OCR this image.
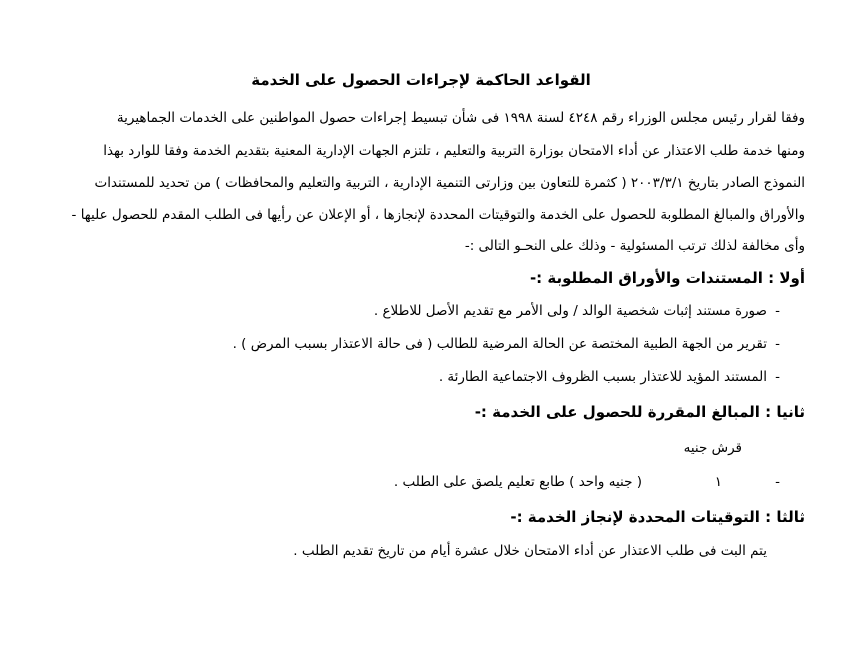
القواعد الحاكمة لإجراءات الحصول على الخدمة
وفقا لقرار رئيس مجلس الوزراء رقم ٤٢٤٨ لسنة ١٩٩٨ فى شأن تبسيط إجراءات حصول المواطنين على الخدمات الجماهيرية
ومنها خدمة طلب الاعتذار عن أداء الامتحان بوزارة التربية والتعليم ، تلتزم الجهات الإدارية المعنية بتقديم الخدمة وفقا للوارد بهذا
النموذج الصادر بتاريخ ٢٠٠٣/٣/١ ( كثمرة للتعاون بين وزارتى التنمية الإدارية ، التربية والتعليم والمحافظات ) من تحديد للمستندات
والأوراق والمبالغ المطلوبة للحصول على الخدمة والتوقيتات المحددة لإنجازها ، أو الإعلان عن رأيها فى الطلب المقدم للحصول عليها -
وأى مخالفة لذلك ترتب المسئولية - وذلك على النحـو التالى :-
أولا : المستندات والأوراق المطلوبة :-
-
صورة مستند إثبات شخصية الوالد / ولى الأمر مع تقديم الأصل للاطلاع .
-
تقرير من الجهة الطبية المختصة عن الحالة المرضية للطالب ( فى حالة الاعتذار بسبب المرض ) .
-
المستند المؤيد للاعتذار بسبب الظروف الاجتماعية الطارئة .
ثانيا : المبالغ المقررة للحصول على الخدمة :-
قرش جنيه
-
١
( جنيه واحد ) طابع تعليم يلصق على الطلب .
ثالثا : التوقيتات المحددة لإنجاز الخدمة :-
يتم البت فى طلب الاعتذار عن أداء الامتحان خلال عشرة أيام من تاريخ تقديم الطلب .
